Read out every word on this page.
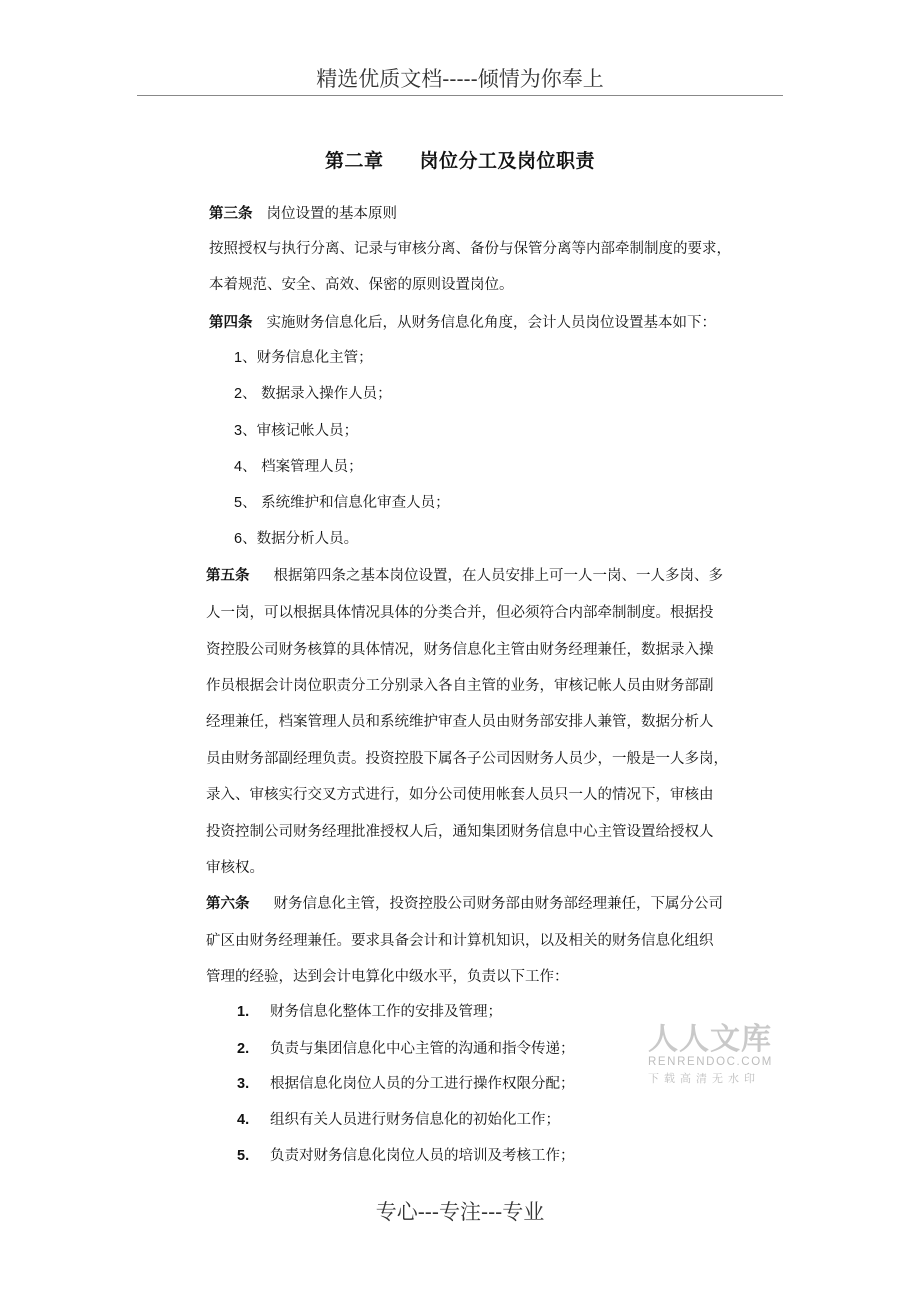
精选优质文档-----倾情为你奉上
第二章 岗位分工及岗位职责
第三条 岗位设置的基本原则
按照授权与执行分离、记录与审核分离、备份与保管分离等内部牵制制度的要求，
本着规范、安全、高效、保密的原则设置岗位。
第四条 实施财务信息化后，从财务信息化角度，会计人员岗位设置基本如下：
1、财务信息化主管；
2、 数据录入操作人员；
3、审核记帐人员；
4、 档案管理人员；
5、 系统维护和信息化审查人员；
6、数据分析人员。
第五条 根据第四条之基本岗位设置，在人员安排上可一人一岗、一人多岗、多
人一岗，可以根据具体情况具体的分类合并，但必须符合内部牵制制度。根据投
资控股公司财务核算的具体情况，财务信息化主管由财务经理兼任，数据录入操
作员根据会计岗位职责分工分别录入各自主管的业务，审核记帐人员由财务部副
经理兼任，档案管理人员和系统维护审查人员由财务部安排人兼管，数据分析人
员由财务部副经理负责。投资控股下属各子公司因财务人员少，一般是一人多岗，
录入、审核实行交叉方式进行，如分公司使用帐套人员只一人的情况下，审核由
投资控制公司财务经理批准授权人后，通知集团财务信息中心主管设置给授权人
审核权。
第六条 财务信息化主管，投资控股公司财务部由财务部经理兼任，下属分公司
矿区由财务经理兼任。要求具备会计和计算机知识，以及相关的财务信息化组织
管理的经验，达到会计电算化中级水平，负责以下工作：
1. 财务信息化整体工作的安排及管理；
2. 负责与集团信息化中心主管的沟通和指令传递；
3. 根据信息化岗位人员的分工进行操作权限分配；
4. 组织有关人员进行财务信息化的初始化工作；
5. 负责对财务信息化岗位人员的培训及考核工作；
人人文库
RENRENDOC.COM
下载高清无水印
专心---专注---专业
